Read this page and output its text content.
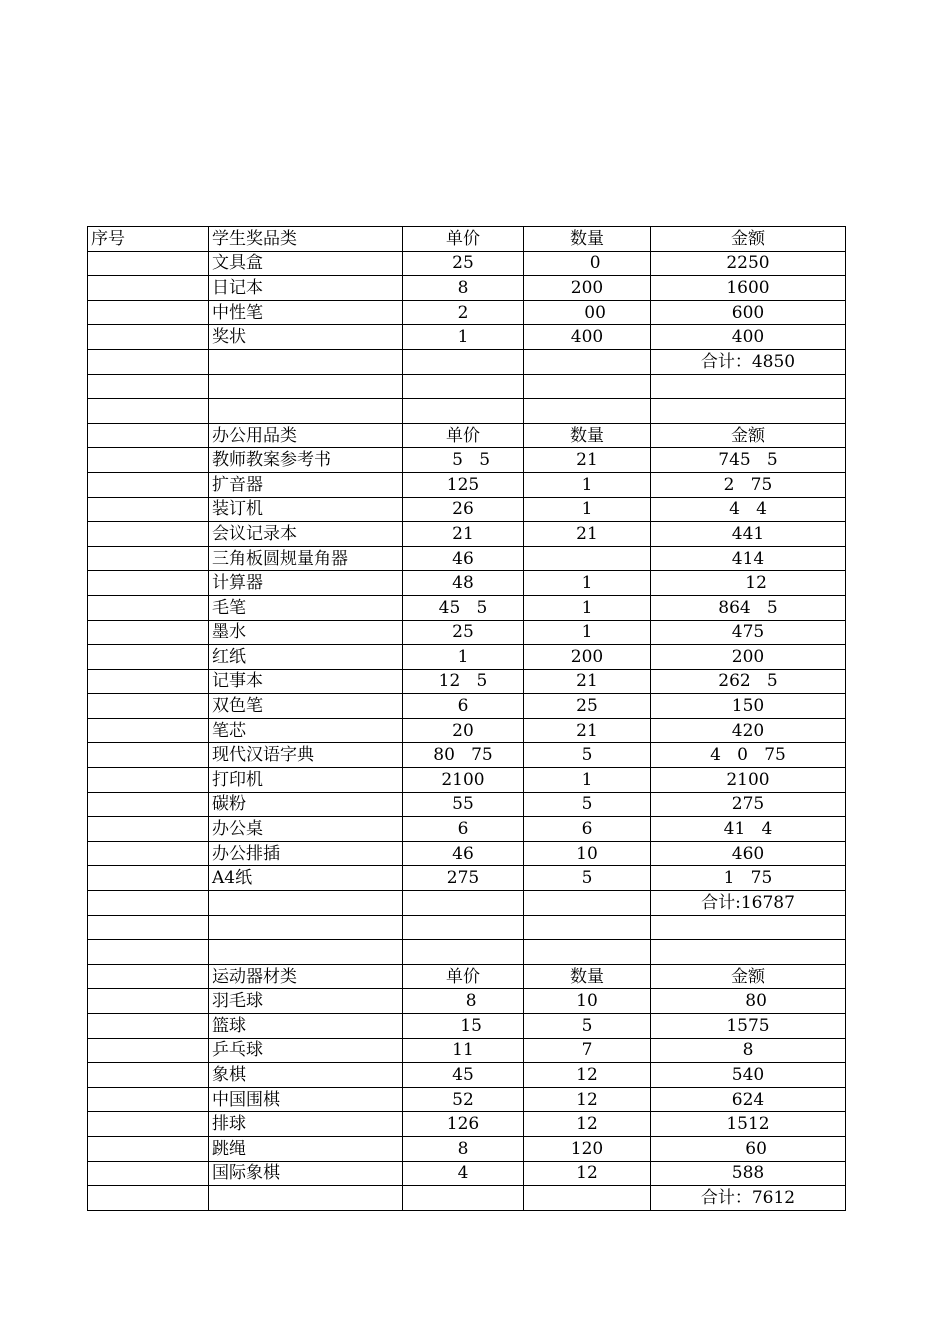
序号	学生奖品类	单价	数量	金额
	文具盒	25	0	2250
	日记本	8	200	1600
	中性笔	2	00	600
	奖状	1	400	400
				合计：4850

	办公用品类	单价	数量	金额
	教师教案参考书	5   5	21	745   5
	扩音器	125	1	2   75
	装订机	26	1	4   4
	会议记录本	21	21	441
	三角板圆规量角器	46		414
	计算器	48	1	12
	毛笔	45   5	1	864   5
	墨水	25	1	475
	红纸	1	200	200
	记事本	12   5	21	262   5
	双色笔	6	25	150
	笔芯	20	21	420
	现代汉语字典	80   75	5	4   0   75
	打印机	2100	1	2100
	碳粉	55	5	275
	办公桌	6	6	41   4
	办公排插	46	10	460
	A4纸	275	5	1   75
				合计:16787

	运动器材类	单价	数量	金额
	羽毛球	8	10	80
	篮球	15	5	1575
	乒乓球	11	7	8
	象棋	45	12	540
	中国围棋	52	12	624
	排球	126	12	1512
	跳绳	8	120	60
	国际象棋	4	12	588
				合计：7612
